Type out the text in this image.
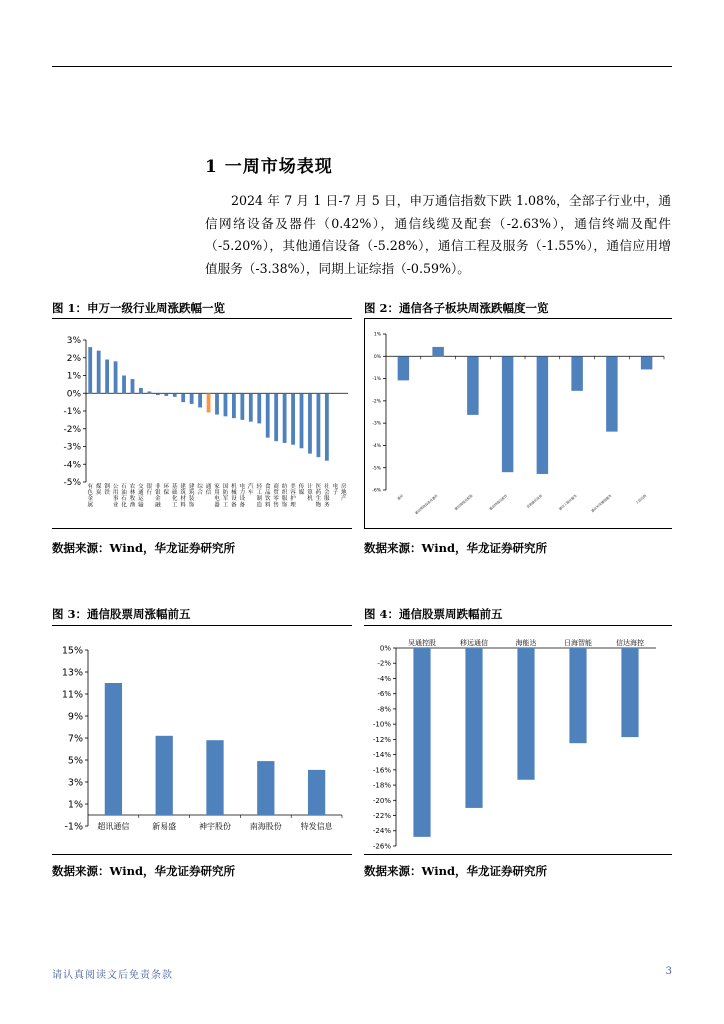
1 一周市场表现
2024 年 7 月 1 日-7 月 5 日，申万通信指数下跌 1.08%，全部子行业中，通信网络设备及器件（0.42%），通信线缆及配套（-2.63%），通信终端及配件（-5.20%），其他通信设备（-5.28%），通信工程及服务（-1.55%），通信应用增值服务（-3.38%），同期上证综指（-0.59%）。
图 1：申万一级行业周涨跌幅一览
3%
2%
1%
0%
-1%
-2%
-3%
-4%
-5% 有色金属
煤炭
钢铁
公用事业
石油石化
农林牧渔
交通运输
银行
非银金融
环保
基础化工
建筑材料
建筑装饰
综合
通信
家用电器
国防军工
机械设备
电力设备
汽车
轻工制造
食品饮料
商贸零售
纺织服饰
美容护理
传媒
计算机
医药生物
社会服务
电子
房地产
数据来源：Wind，华龙证券研究所
图 2：通信各子板块周涨跌幅度一览
1%
0%
-1%
-2%
-3%
-4%
-5%
-6%
通信	通信网络设备及器件	通信线缆及配套	通信终端及配件	其他通信设备	通信工程及服务	通信应用增值服务	上证综指
数据来源：Wind，华龙证券研究所
图 3：通信股票周涨幅前五
15%
13%
11%
9%
7%
5%
3%
1%
-1% 超讯通信	新易盛	神宇股份 南海股份 特发信息
数据来源：Wind，华龙证券研究所
图 4：通信股票周跌幅前五
0%
-2%
-4%
-6%
-8%
-10%
-12%
-14%
-16%
-18%
-20%
-22%
-24%
-26%
吴通控股	移远通信	海能达	日海智能	信达海控
数据来源：Wind，华龙证券研究所
请认真阅读文后免责条款	3
